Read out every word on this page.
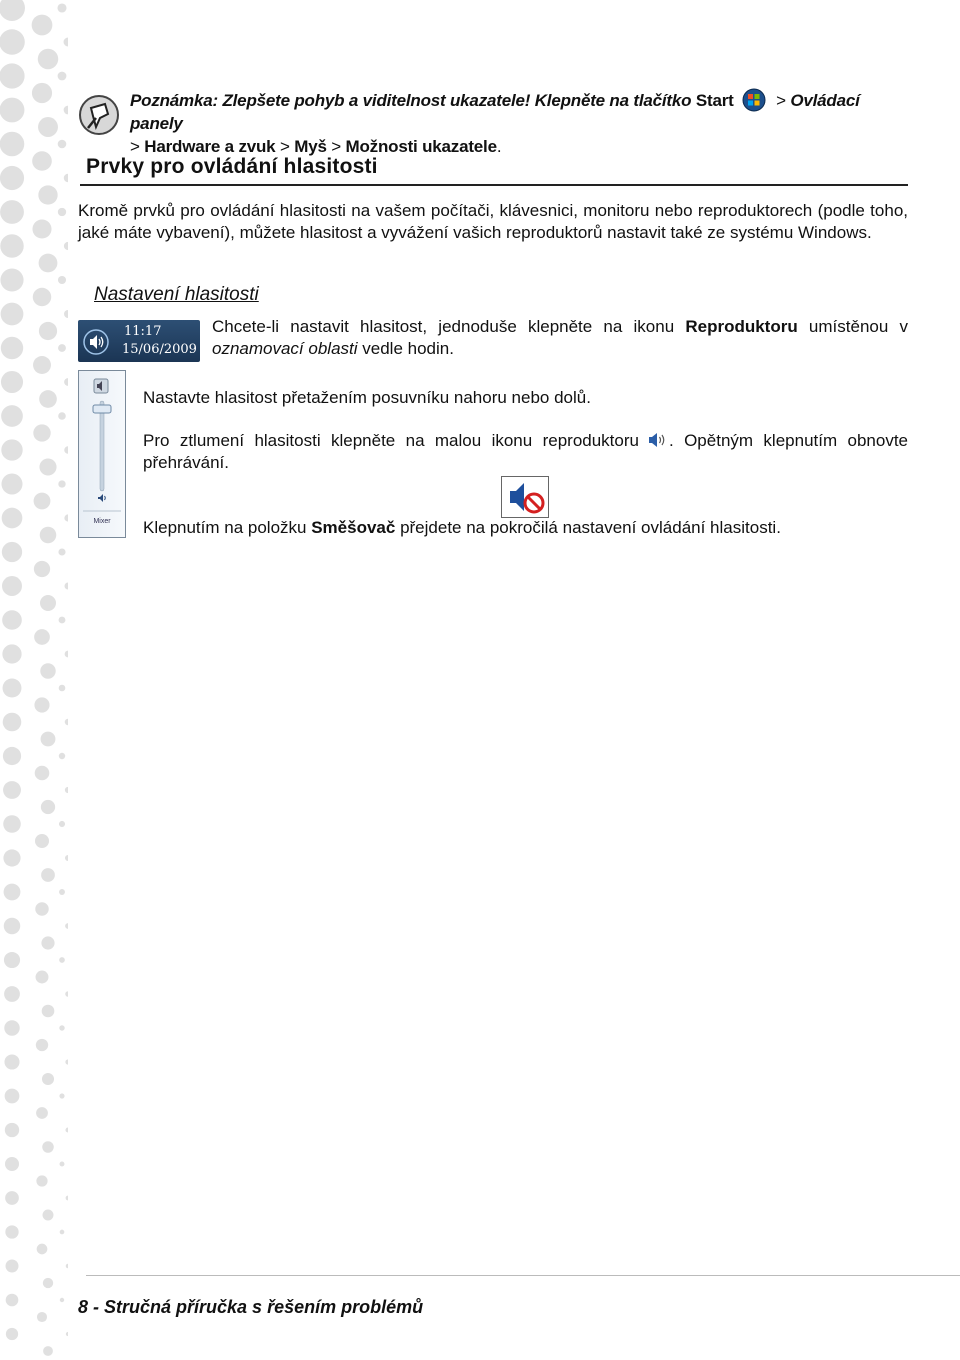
Poznámka: Zlepšete pohyb a viditelnost ukazatele! Klepněte na tlačítko Start > Ovládací panely
> Hardware a zvuk > Myš > Možnosti ukazatele.
Prvky pro ovládání hlasitosti
Kromě prvků pro ovládání hlasitosti na vašem počítači, klávesnici, monitoru nebo reproduktorech (podle toho, jaké máte vybavení), můžete hlasitost a vyvážení vašich reproduktorů nastavit také ze systému Windows.
Nastavení hlasitosti
11:17
15/06/2009
Chcete-li nastavit hlasitost, jednoduše klepněte na ikonu Reproduktoru umístěnou v oznamovací oblasti vedle hodin.
Mixer
Nastavte hlasitost přetažením posuvníku nahoru nebo dolů.
Pro ztlumení hlasitosti klepněte na malou ikonu reproduktoru . Opětným klepnutím obnovte přehrávání.
Klepnutím na položku Směšovač přejdete na pokročilá nastavení ovládání hlasitosti.
8 - Stručná příručka s řešením problémů
